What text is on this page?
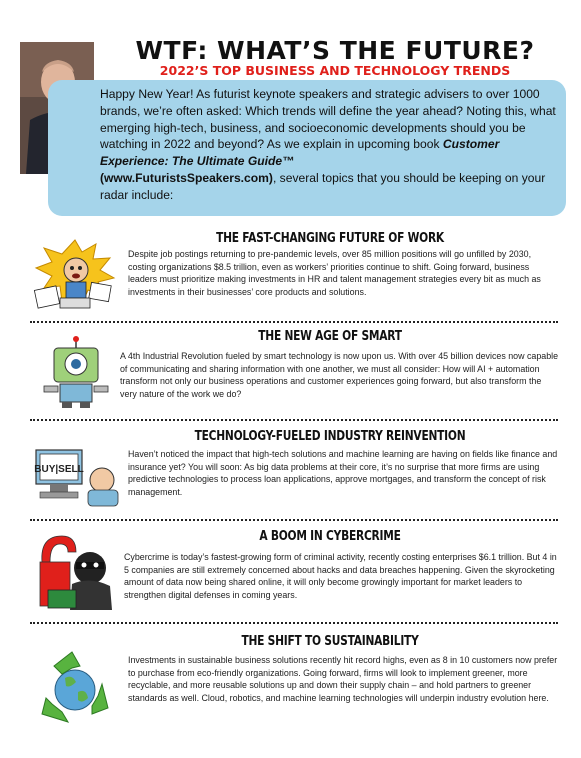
WTF: WHAT’S THE FUTURE?
2022’S TOP BUSINESS AND TECHNOLOGY TRENDS
Happy New Year! As futurist keynote speakers and strategic advisers to over 1000 brands, we’re often asked: Which trends will define the year ahead? Noting this, what emerging high-tech, business, and socioeconomic developments should you be watching in 2022 and beyond? As we explain in upcoming book Customer Experience: The Ultimate Guide™
(www.FuturistsSpeakers.com), several topics that you should be keeping on your radar include:
THE FAST-CHANGING FUTURE OF WORK
Despite job postings returning to pre-pandemic levels, over 85 million positions will go unfilled by 2030, costing organizations $8.5 trillion, even as workers’ priorities continue to shift. Going forward, business leaders must prioritize making investments in HR and talent management strategies every bit as much as investments in their businesses’ core products and solutions.
THE NEW AGE OF SMART
A 4th Industrial Revolution fueled by smart technology is now upon us. With over 45 billion devices now capable of communicating and sharing information with one another, we must all consider: How will AI + automation transform not only our business operations and customer experiences going forward, but also transform the very nature of the work we do?
TECHNOLOGY-FUELED INDUSTRY REINVENTION
BUY|SELL
Haven’t noticed the impact that high-tech solutions and machine learning are having on fields like finance and insurance yet? You will soon: As big data problems at their core, it’s no surprise that more firms are using predictive technologies to process loan applications, approve mortgages, and transform the concept of risk management.
A BOOM IN CYBERCRIME
Cybercrime is today’s fastest-growing form of criminal activity, recently costing enterprises $6.1 trillion. But 4 in 5 companies are still extremely concerned about hacks and data breaches happening. Given the skyrocketing amount of data now being shared online, it will only become growingly important for market leaders to strengthen digital defenses in coming years.
THE SHIFT TO SUSTAINABILITY
Investments in sustainable business solutions recently hit record highs, even as 8 in 10 customers now prefer to purchase from eco-friendly organizations. Going forward, firms will look to implement greener, more recyclable, and more reusable solutions up and down their supply chain – and hold partners to greener standards as well. Cloud, robotics, and machine learning technologies will underpin industry evolution here.
